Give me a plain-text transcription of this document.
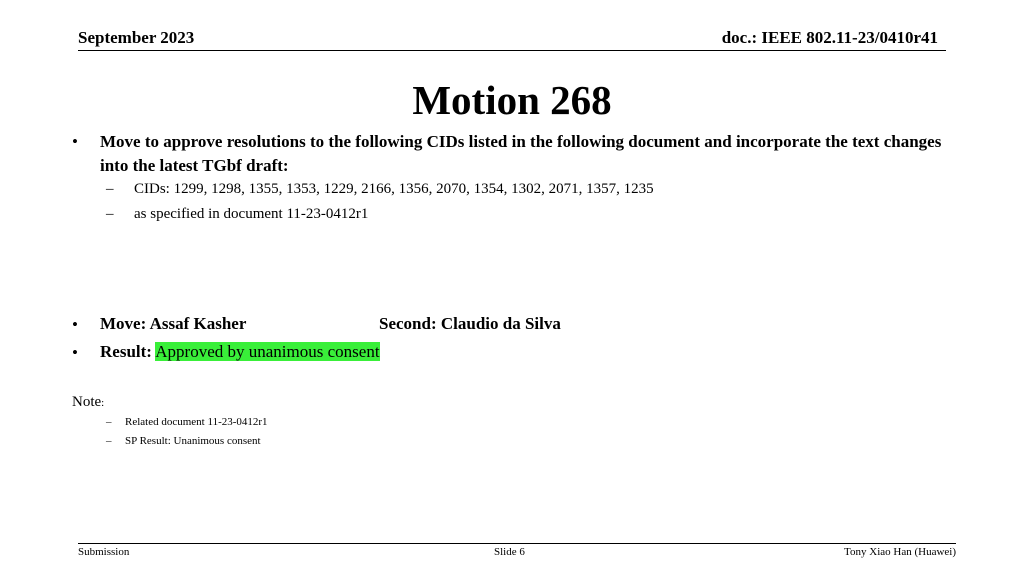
September 2023	doc.: IEEE 802.11-23/0410r41
Motion 268
• Move to approve resolutions to the following CIDs listed in the following document and incorporate the text changes into the latest TGbf draft:
– CIDs: 1299, 1298, 1355, 1353, 1229, 2166, 1356, 2070, 1354, 1302, 2071, 1357, 1235
– as specified in document 11-23-0412r1
• Move: Assaf Kasher	Second: Claudio da Silva
• Result: Approved by unanimous consent
Note:
– Related document 11-23-0412r1
– SP Result: Unanimous consent
Submission	Slide 6	Tony Xiao Han (Huawei)
